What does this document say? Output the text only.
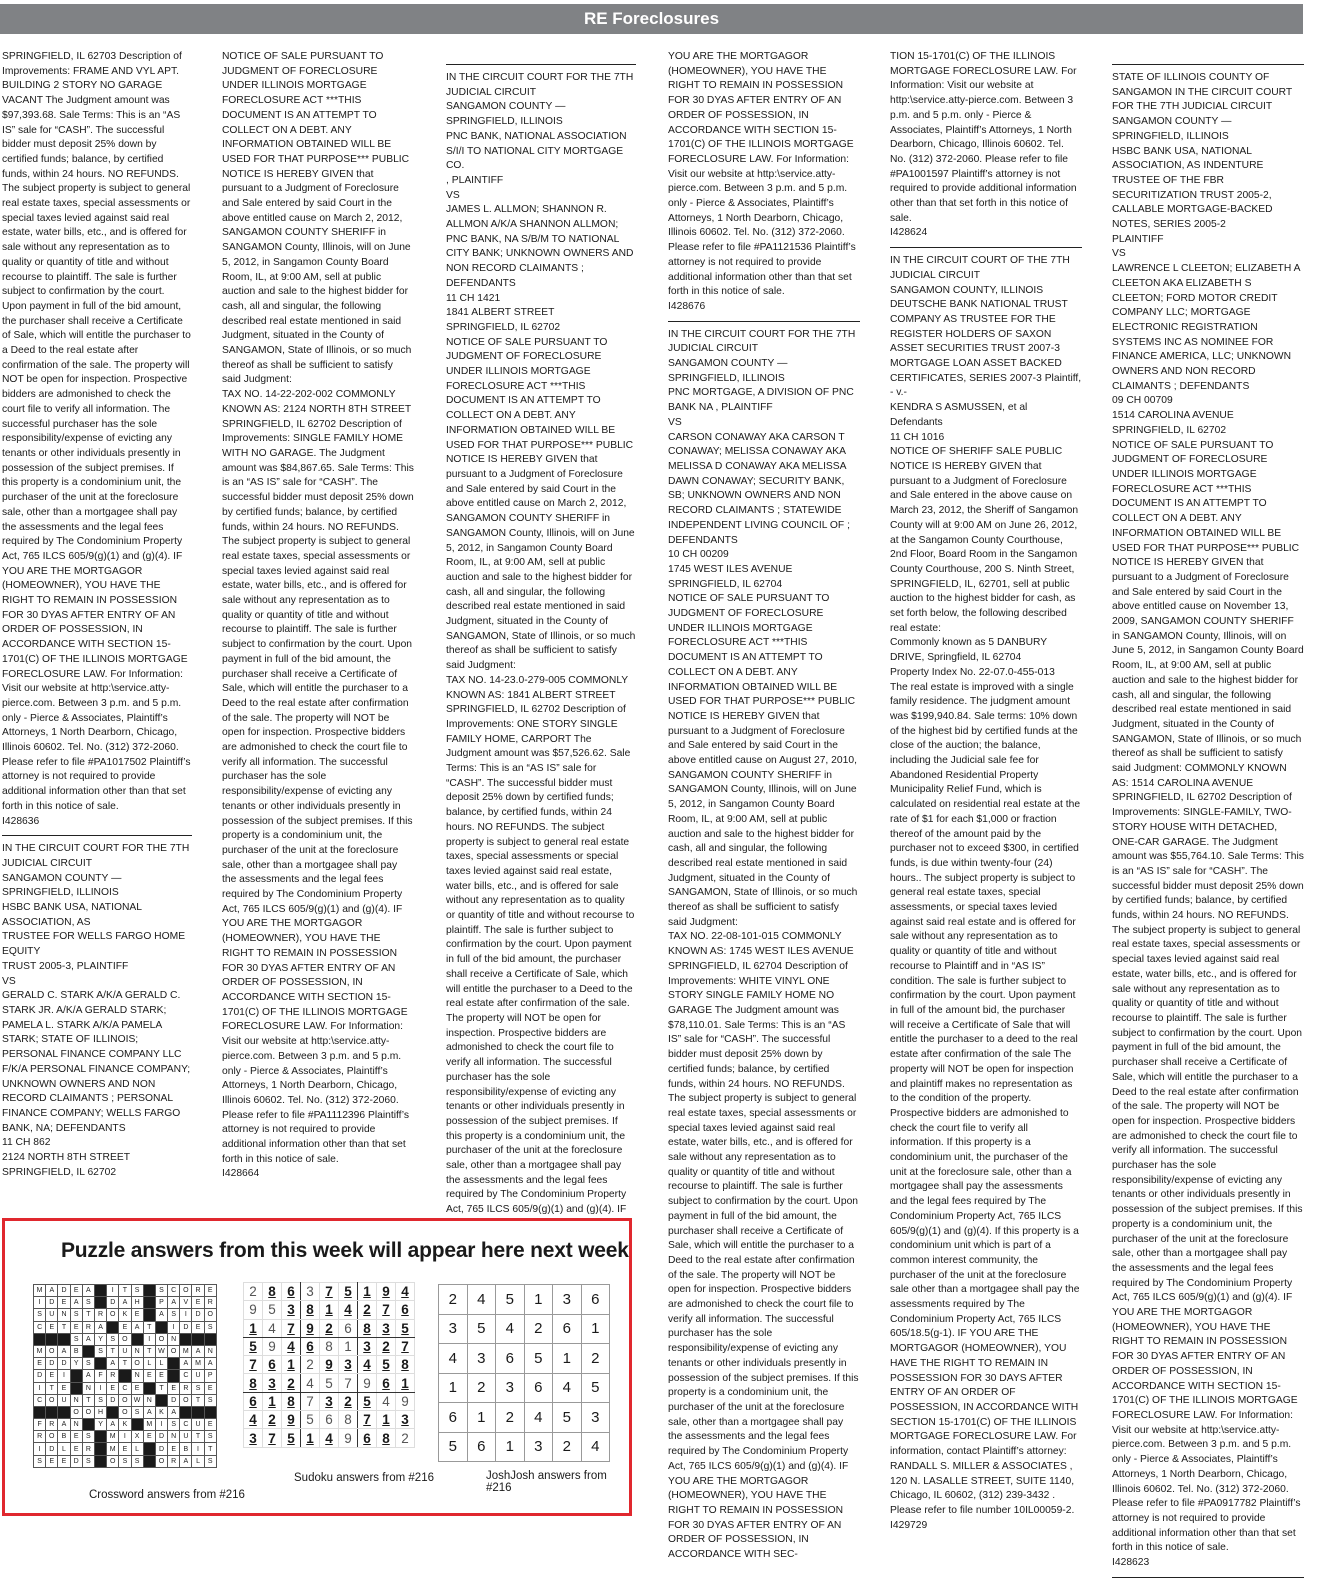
RE Foreclosures

SPRINGFIELD, IL 62703 Description of Improvements: FRAME AND VYL APT. BUILDING 2 STORY NO GARAGE VACANT The Judgment amount was $97,393.68. Sale Terms: This is an “AS IS” sale for “CASH”. The successful bidder must deposit 25% down by certified funds; balance, by certified funds, within 24 hours. NO REFUNDS. The subject property is subject to general real estate taxes, special assessments or special taxes levied against said real estate, water bills, etc., and is offered for sale without any representation as to quality or quantity of title and without recourse to plaintiff. The sale is further subject to confirmation by the court. Upon payment in full of the bid amount, the purchaser shall receive a Certificate of Sale, which will entitle the purchaser to a Deed to the real estate after confirmation of the sale. The property will NOT be open for inspection. Prospective bidders are admonished to check the court file to verify all information. The successful purchaser has the sole responsibility/expense of evicting any tenants or other individuals presently in possession of the subject premises. If this property is a condominium unit, the purchaser of the unit at the foreclosure sale, other than a mortgagee shall pay the assessments and the legal fees required by The Condominium Property Act, 765 ILCS 605/9(g)(1) and (g)(4). IF YOU ARE THE MORTGAGOR (HOMEOWNER), YOU HAVE THE RIGHT TO REMAIN IN POSSESSION FOR 30 DYAS AFTER ENTRY OF AN ORDER OF POSSESSION, IN ACCORDANCE WITH SECTION 15-1701(C) OF THE ILLINOIS MORTGAGE FORECLOSURE LAW. For Information: Visit our website at http:\service.atty-pierce.com. Between 3 p.m. and 5 p.m. only - Pierce & Associates, Plaintiff’s Attorneys, 1 North Dearborn, Chicago, Illinois 60602. Tel. No. (312) 372-2060. Please refer to file #PA1017502 Plaintiff’s attorney is not required to provide additional information other than that set forth in this notice of sale.
I428636

IN THE CIRCUIT COURT FOR THE 7TH JUDICIAL CIRCUIT
SANGAMON COUNTY — SPRINGFIELD, ILLINOIS
HSBC BANK USA, NATIONAL ASSOCIATION, AS
TRUSTEE FOR WELLS FARGO HOME EQUITY
TRUST 2005-3, PLAINTIFF
VS
GERALD C. STARK A/K/A GERALD C. STARK JR. A/K/A GERALD STARK; PAMELA L. STARK A/K/A PAMELA STARK; STATE OF ILLINOIS; PERSONAL FINANCE COMPANY LLC F/K/A PERSONAL FINANCE COMPANY; UNKNOWN OWNERS AND NON RECORD CLAIMANTS ; PERSONAL FINANCE COMPANY; WELLS FARGO BANK, NA; DEFENDANTS
11 CH 862
2124 NORTH 8TH STREET
SPRINGFIELD, IL 62702

NOTICE OF SALE PURSUANT TO JUDGMENT OF FORECLOSURE UNDER ILLINOIS MORTGAGE FORECLOSURE ACT ***THIS DOCUMENT IS AN ATTEMPT TO COLLECT ON A DEBT. ANY INFORMATION OBTAINED WILL BE USED FOR THAT PURPOSE*** PUBLIC NOTICE IS HEREBY GIVEN that pursuant to a Judgment of Foreclosure and Sale entered by said Court in the above entitled cause on March 2, 2012, SANGAMON COUNTY SHERIFF in SANGAMON County, Illinois, will on June 5, 2012, in Sangamon County Board Room, IL, at 9:00 AM, sell at public auction and sale to the highest bidder for cash, all and singular, the following described real estate mentioned in said Judgment, situated in the County of SANGAMON, State of Illinois, or so much thereof as shall be sufficient to satisfy said Judgment:
TAX NO. 14-22-202-002 COMMONLY KNOWN AS: 2124 NORTH 8TH STREET SPRINGFIELD, IL 62702 Description of Improvements: SINGLE FAMILY HOME WITH NO GARAGE. The Judgment amount was $84,867.65. Sale Terms: This is an “AS IS” sale for “CASH”. The successful bidder must deposit 25% down by certified funds; balance, by certified funds, within 24 hours. NO REFUNDS. The subject property is subject to general real estate taxes, special assessments or special taxes levied against said real estate, water bills, etc., and is offered for sale without any representation as to quality or quantity of title and without recourse to plaintiff. The sale is further subject to confirmation by the court. Upon payment in full of the bid amount, the purchaser shall receive a Certificate of Sale, which will entitle the purchaser to a Deed to the real estate after confirmation of the sale. The property will NOT be open for inspection. Prospective bidders are admonished to check the court file to verify all information. The successful purchaser has the sole responsibility/expense of evicting any tenants or other individuals presently in possession of the subject premises. If this property is a condominium unit, the purchaser of the unit at the foreclosure sale, other than a mortgagee shall pay the assessments and the legal fees required by The Condominium Property Act, 765 ILCS 605/9(g)(1) and (g)(4). IF YOU ARE THE MORTGAGOR (HOMEOWNER), YOU HAVE THE RIGHT TO REMAIN IN POSSESSION FOR 30 DYAS AFTER ENTRY OF AN ORDER OF POSSESSION, IN ACCORDANCE WITH SECTION 15-1701(C) OF THE ILLINOIS MORTGAGE FORECLOSURE LAW. For Information: Visit our website at http:\service.atty-pierce.com. Between 3 p.m. and 5 p.m. only - Pierce & Associates, Plaintiff’s Attorneys, 1 North Dearborn, Chicago, Illinois 60602. Tel. No. (312) 372-2060. Please refer to file #PA1112396 Plaintiff’s attorney is not required to provide additional information other than that set forth in this notice of sale.
I428664

IN THE CIRCUIT COURT FOR THE 7TH JUDICIAL CIRCUIT
SANGAMON COUNTY — SPRINGFIELD, ILLINOIS
PNC BANK, NATIONAL ASSOCIATION S/I/I TO NATIONAL CITY MORTGAGE CO.
, PLAINTIFF
VS
JAMES L. ALLMON; SHANNON R. ALLMON A/K/A SHANNON ALLMON; PNC BANK, NA S/B/M TO NATIONAL CITY BANK; UNKNOWN OWNERS AND NON RECORD CLAIMANTS ;
DEFENDANTS
11 CH 1421
1841 ALBERT STREET
SPRINGFIELD, IL 62702
NOTICE OF SALE PURSUANT TO JUDGMENT OF FORECLOSURE UNDER ILLINOIS MORTGAGE FORECLOSURE ACT ***THIS DOCUMENT IS AN ATTEMPT TO COLLECT ON A DEBT. ANY INFORMATION OBTAINED WILL BE USED FOR THAT PURPOSE*** PUBLIC NOTICE IS HEREBY GIVEN that pursuant to a Judgment of Foreclosure and Sale entered by said Court in the above entitled cause on March 2, 2012, SANGAMON COUNTY SHERIFF in SANGAMON County, Illinois, will on June 5, 2012, in Sangamon County Board Room, IL, at 9:00 AM, sell at public auction and sale to the highest bidder for cash, all and singular, the following described real estate mentioned in said Judgment, situated in the County of SANGAMON, State of Illinois, or so much thereof as shall be sufficient to satisfy said Judgment:
TAX NO. 14-23.0-279-005 COMMONLY KNOWN AS: 1841 ALBERT STREET SPRINGFIELD, IL 62702 Description of Improvements: ONE STORY SINGLE FAMILY HOME, CARPORT The Judgment amount was $57,526.62. Sale Terms: This is an “AS IS” sale for “CASH”. The successful bidder must deposit 25% down by certified funds; balance, by certified funds, within 24 hours. NO REFUNDS. The subject property is subject to general real estate taxes, special assessments or special taxes levied against said real estate, water bills, etc., and is offered for sale without any representation as to quality or quantity of title and without recourse to plaintiff. The sale is further subject to confirmation by the court. Upon payment in full of the bid amount, the purchaser shall receive a Certificate of Sale, which will entitle the purchaser to a Deed to the real estate after confirmation of the sale. The property will NOT be open for inspection. Prospective bidders are admonished to check the court file to verify all information. The successful purchaser has the sole responsibility/expense of evicting any tenants or other individuals presently in possession of the subject premises. If this property is a condominium unit, the purchaser of the unit at the foreclosure sale, other than a mortgagee shall pay the assessments and the legal fees required by The Condominium Property Act, 765 ILCS 605/9(g)(1) and (g)(4). IF

YOU ARE THE MORTGAGOR (HOMEOWNER), YOU HAVE THE RIGHT TO REMAIN IN POSSESSION FOR 30 DYAS AFTER ENTRY OF AN ORDER OF POSSESSION, IN ACCORDANCE WITH SECTION 15-1701(C) OF THE ILLINOIS MORTGAGE FORECLOSURE LAW. For Information: Visit our website at http:\service.atty-pierce.com. Between 3 p.m. and 5 p.m. only - Pierce & Associates, Plaintiff’s Attorneys, 1 North Dearborn, Chicago, Illinois 60602. Tel. No. (312) 372-2060. Please refer to file #PA1121536 Plaintiff’s attorney is not required to provide additional information other than that set forth in this notice of sale.
I428676

IN THE CIRCUIT COURT FOR THE 7TH JUDICIAL CIRCUIT
SANGAMON COUNTY — SPRINGFIELD, ILLINOIS
PNC MORTGAGE, A DIVISION OF PNC BANK NA , PLAINTIFF
VS
CARSON CONAWAY AKA CARSON T CONAWAY; MELISSA CONAWAY AKA MELISSA D CONAWAY AKA MELISSA DAWN CONAWAY; SECURITY BANK, SB; UNKNOWN OWNERS AND NON RECORD CLAIMANTS ; STATEWIDE INDEPENDENT LIVING COUNCIL OF ; DEFENDANTS
10 CH 00209
1745 WEST ILES AVENUE
SPRINGFIELD, IL 62704
NOTICE OF SALE PURSUANT TO JUDGMENT OF FORECLOSURE UNDER ILLINOIS MORTGAGE FORECLOSURE ACT ***THIS DOCUMENT IS AN ATTEMPT TO COLLECT ON A DEBT. ANY INFORMATION OBTAINED WILL BE USED FOR THAT PURPOSE*** PUBLIC NOTICE IS HEREBY GIVEN that pursuant to a Judgment of Foreclosure and Sale entered by said Court in the above entitled cause on August 27, 2010, SANGAMON COUNTY SHERIFF in SANGAMON County, Illinois, will on June 5, 2012, in Sangamon County Board Room, IL, at 9:00 AM, sell at public auction and sale to the highest bidder for cash, all and singular, the following described real estate mentioned in said Judgment, situated in the County of SANGAMON, State of Illinois, or so much thereof as shall be sufficient to satisfy said Judgment:
TAX NO. 22-08-101-015 COMMONLY KNOWN AS: 1745 WEST ILES AVENUE SPRINGFIELD, IL 62704 Description of Improvements: WHITE VINYL ONE STORY SINGLE FAMILY HOME NO GARAGE The Judgment amount was $78,110.01. Sale Terms: This is an “AS IS” sale for “CASH”. The successful bidder must deposit 25% down by certified funds; balance, by certified funds, within 24 hours. NO REFUNDS. The subject property is subject to general real estate taxes, special assessments or special taxes levied against said real estate, water bills, etc., and is offered for sale without any representation as to quality or quantity of title and without recourse to plaintiff. The sale is further subject to confirmation by the court. Upon payment in full of the bid amount, the purchaser shall receive a Certificate of Sale, which will entitle the purchaser to a Deed to the real estate after confirmation of the sale. The property will NOT be open for inspection. Prospective bidders are admonished to check the court file to verify all information. The successful purchaser has the sole responsibility/expense of evicting any tenants or other individuals presently in possession of the subject premises. If this property is a condominium unit, the purchaser of the unit at the foreclosure sale, other than a mortgagee shall pay the assessments and the legal fees required by The Condominium Property Act, 765 ILCS 605/9(g)(1) and (g)(4). IF YOU ARE THE MORTGAGOR (HOMEOWNER), YOU HAVE THE RIGHT TO REMAIN IN POSSESSION FOR 30 DYAS AFTER ENTRY OF AN ORDER OF POSSESSION, IN ACCORDANCE WITH SEC-

TION 15-1701(C) OF THE ILLINOIS MORTGAGE FORECLOSURE LAW. For Information: Visit our website at http:\service.atty-pierce.com. Between 3 p.m. and 5 p.m. only - Pierce & Associates, Plaintiff’s Attorneys, 1 North Dearborn, Chicago, Illinois 60602. Tel. No. (312) 372-2060. Please refer to file #PA1001597 Plaintiff’s attorney is not required to provide additional information other than that set forth in this notice of sale.
I428624

IN THE CIRCUIT COURT OF THE 7TH JUDICIAL CIRCUIT
SANGAMON COUNTY, ILLINOIS
DEUTSCHE BANK NATIONAL TRUST COMPANY AS TRUSTEE FOR THE REGISTER HOLDERS OF SAXON ASSET SECURITIES TRUST 2007-3 MORTGAGE LOAN ASSET BACKED CERTIFICATES, SERIES 2007-3 Plaintiff,
- v.-
KENDRA S ASMUSSEN, et al Defendants
11 CH 1016
NOTICE OF SHERIFF SALE PUBLIC NOTICE IS HEREBY GIVEN that pursuant to a Judgment of Foreclosure and Sale entered in the above cause on March 23, 2012, the Sheriff of Sangamon County will at 9:00 AM on June 26, 2012, at the Sangamon County Courthouse, 2nd Floor, Board Room in the Sangamon County Courthouse, 200 S. Ninth Street, SPRINGFIELD, IL, 62701, sell at public auction to the highest bidder for cash, as set forth below, the following described real estate:
Commonly known as 5 DANBURY DRIVE, Springfield, IL 62704
Property Index No. 22-07.0-455-013
The real estate is improved with a single family residence. The judgment amount was $199,940.84. Sale terms: 10% down of the highest bid by certified funds at the close of the auction; the balance, including the Judicial sale fee for Abandoned Residential Property Municipality Relief Fund, which is calculated on residential real estate at the rate of $1 for each $1,000 or fraction thereof of the amount paid by the purchaser not to exceed $300, in certified funds, is due within twenty-four (24) hours.. The subject property is subject to general real estate taxes, special assessments, or special taxes levied against said real estate and is offered for sale without any representation as to quality or quantity of title and without recourse to Plaintiff and in “AS IS” condition. The sale is further subject to confirmation by the court. Upon payment in full of the amount bid, the purchaser will receive a Certificate of Sale that will entitle the purchaser to a deed to the real estate after confirmation of the sale The property will NOT be open for inspection and plaintiff makes no representation as to the condition of the property. Prospective bidders are admonished to check the court file to verify all information. If this property is a condominium unit, the purchaser of the unit at the foreclosure sale, other than a mortgagee shall pay the assessments and the legal fees required by The Condominium Property Act, 765 ILCS 605/9(g)(1) and (g)(4). If this property is a condominium unit which is part of a common interest community, the purchaser of the unit at the foreclosure sale other than a mortgagee shall pay the assessments required by The Condominium Property Act, 765 ILCS 605/18.5(g-1). IF YOU ARE THE MORTGAGOR (HOMEOWNER), YOU HAVE THE RIGHT TO REMAIN IN POSSESSION FOR 30 DAYS AFTER ENTRY OF AN ORDER OF POSSESSION, IN ACCORDANCE WITH SECTION 15-1701(C) OF THE ILLINOIS MORTGAGE FORECLOSURE LAW. For information, contact Plaintiff’s attorney: RANDALL S. MILLER & ASSOCIATES , 120 N. LASALLE STREET, SUITE 1140, Chicago, IL 60602, (312) 239-3432 . Please refer to file number 10IL00059-2.
I429729

STATE OF ILLINOIS COUNTY OF SANGAMON IN THE CIRCUIT COURT FOR THE 7TH JUDICIAL CIRCUIT SANGAMON COUNTY — SPRINGFIELD, ILLINOIS
HSBC BANK USA, NATIONAL ASSOCIATION, AS INDENTURE TRUSTEE OF THE FBR SECURITIZATION TRUST 2005-2, CALLABLE MORTGAGE-BACKED NOTES, SERIES 2005-2
PLAINTIFF
VS
LAWRENCE L CLEETON; ELIZABETH A CLEETON AKA ELIZABETH S CLEETON; FORD MOTOR CREDIT COMPANY LLC; MORTGAGE ELECTRONIC REGISTRATION SYSTEMS INC AS NOMINEE FOR FINANCE AMERICA, LLC; UNKNOWN OWNERS AND NON RECORD CLAIMANTS ; DEFENDANTS
09 CH 00709
1514 CAROLINA AVENUE
SPRINGFIELD, IL 62702
NOTICE OF SALE PURSUANT TO JUDGMENT OF FORECLOSURE UNDER ILLINOIS MORTGAGE FORECLOSURE ACT ***THIS DOCUMENT IS AN ATTEMPT TO COLLECT ON A DEBT. ANY INFORMATION OBTAINED WILL BE USED FOR THAT PURPOSE*** PUBLIC NOTICE IS HEREBY GIVEN that pursuant to a Judgment of Foreclosure and Sale entered by said Court in the above entitled cause on November 13, 2009, SANGAMON COUNTY SHERIFF in SANGAMON County, Illinois, will on June 5, 2012, in Sangamon County Board Room, IL, at 9:00 AM, sell at public auction and sale to the highest bidder for cash, all and singular, the following described real estate mentioned in said Judgment, situated in the County of SANGAMON, State of Illinois, or so much thereof as shall be sufficient to satisfy said Judgment: COMMONLY KNOWN AS: 1514 CAROLINA AVENUE SPRINGFIELD, IL 62702 Description of Improvements: SINGLE-FAMILY, TWO-STORY HOUSE WITH DETACHED, ONE-CAR GARAGE. The Judgment amount was $55,764.10. Sale Terms: This is an “AS IS” sale for “CASH”. The successful bidder must deposit 25% down by certified funds; balance, by certified funds, within 24 hours. NO REFUNDS. The subject property is subject to general real estate taxes, special assessments or special taxes levied against said real estate, water bills, etc., and is offered for sale without any representation as to quality or quantity of title and without recourse to plaintiff. The sale is further subject to confirmation by the court. Upon payment in full of the bid amount, the purchaser shall receive a Certificate of Sale, which will entitle the purchaser to a Deed to the real estate after confirmation of the sale. The property will NOT be open for inspection. Prospective bidders are admonished to check the court file to verify all information. The successful purchaser has the sole responsibility/expense of evicting any tenants or other individuals presently in possession of the subject premises. If this property is a condominium unit, the purchaser of the unit at the foreclosure sale, other than a mortgagee shall pay the assessments and the legal fees required by The Condominium Property Act, 765 ILCS 605/9(g)(1) and (g)(4). IF YOU ARE THE MORTGAGOR (HOMEOWNER), YOU HAVE THE RIGHT TO REMAIN IN POSSESSION FOR 30 DYAS AFTER ENTRY OF AN ORDER OF POSSESSION, IN ACCORDANCE WITH SECTION 15-1701(C) OF THE ILLINOIS MORTGAGE FORECLOSURE LAW. For Information: Visit our website at http:\service.atty-pierce.com. Between 3 p.m. and 5 p.m. only - Pierce & Associates, Plaintiff’s Attorneys, 1 North Dearborn, Chicago, Illinois 60602. Tel. No. (312) 372-2060. Please refer to file #PA0917782 Plaintiff’s attorney is not required to provide additional information other than that set forth in this notice of sale.
I428623

Puzzle answers from this week will appear here next week
M	A	D	E	A		I	T	S		S	C	O	R	E
I	D	E	A	S		D	A	H		P	A	V	E	R
S	U	N	S	T	R	O	K	E		A	S	I	D	O
C	E	T	E	R	A		E	A	T		I	D	E	S
			S	A	Y	S	O		I	O	N			
M	O	A	B		S	T	U	N	T	W	O	M	A	N
E	D	D	Y	S		A	T	O	L	L		A	M	A
D	E	I		A	F	R		N	E	E		C	U	P
I	T	E		N	I	E	C	E		T	E	R	S	E
C	O	U	N	T	S	D	O	W	N		D	O	T	S
			O	O	H		O	S	A	K	A			
F	R	A	N		Y	A	K		M	I	S	C	U	E
R	O	B	E	S		M	I	X	E	D	N	U	T	S
I	D	L	E	R		M	E	L		D	E	B	I	T
S	E	E	D	S		O	S	S		O	R	A	L	S
Crossword answers from #216
2	8	6	3	7	5	1	9	4
9	5	3	8	1	4	2	7	6
1	4	7	9	2	6	8	3	5
5	9	4	6	8	1	3	2	7
7	6	1	2	9	3	4	5	8
8	3	2	4	5	7	9	6	1
6	1	8	7	3	2	5	4	9
4	2	9	5	6	8	7	1	3
3	7	5	1	4	9	6	8	2
Sudoku answers from #216
2	4	5	1	3	6
3	5	4	2	6	1
4	3	6	5	1	2
1	2	3	6	4	5
6	1	2	4	5	3
5	6	1	3	2	4
JoshJosh answers from #216
